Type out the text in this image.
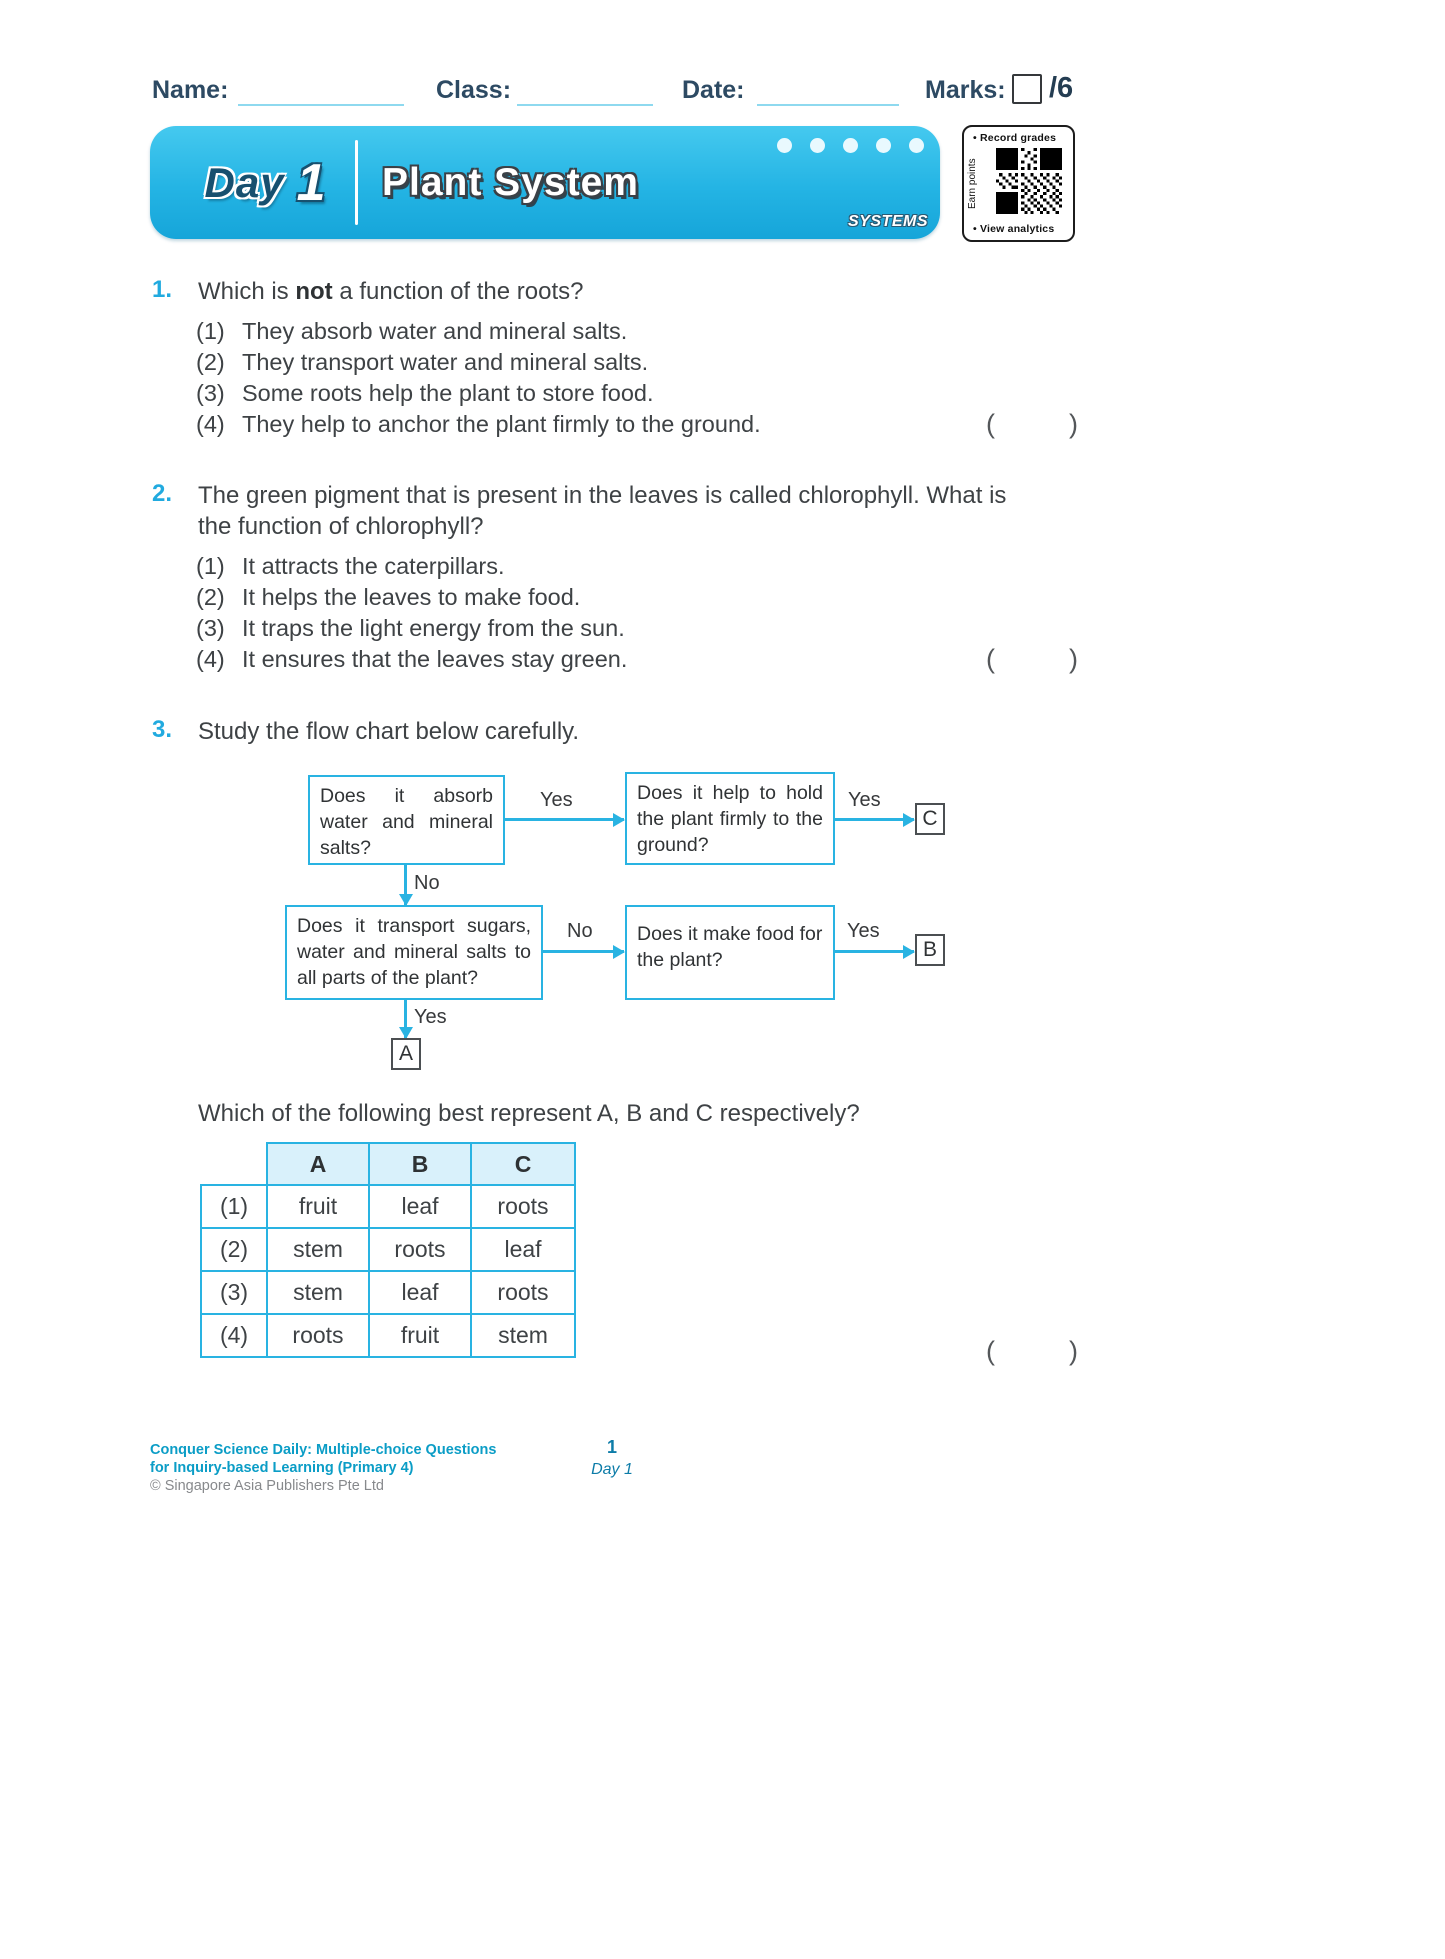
Name:	Class:	Date:	Marks: /6
Day 1 Plant System
SYSTEMS
• Record grades
Earn points
• View analytics
1. Which is not a function of the roots?
(1) They absorb water and mineral salts.
(2) They transport water and mineral salts.
(3) Some roots help the plant to store food.
(4) They help to anchor the plant firmly to the ground.	(	)
2. The green pigment that is present in the leaves is called chlorophyll. What is
the function of chlorophyll?
(1) It attracts the caterpillars.
(2) It helps the leaves to make food.
(3) It traps the light energy from the sun.
(4) It ensures that the leaves stay green.	(	)
3. Study the flow chart below carefully.
Does it absorb water and mineral salts?
Does it help to hold the plant firmly to the ground?
Does it transport sugars, water and mineral salts to all parts of the plant?
Does it make food for the plant?
Yes	Yes
C
No
No	Yes
B
Yes
A
Which of the following best represent A, B and C respectively?
	A	B	C
(1)	fruit	leaf	roots
(2)	stem	roots	leaf
(3)	stem	leaf	roots
(4)	roots	fruit	stem
(	)
Conquer Science Daily: Multiple-choice Questions
for Inquiry-based Learning (Primary 4)
© Singapore Asia Publishers Pte Ltd
1
Day 1
